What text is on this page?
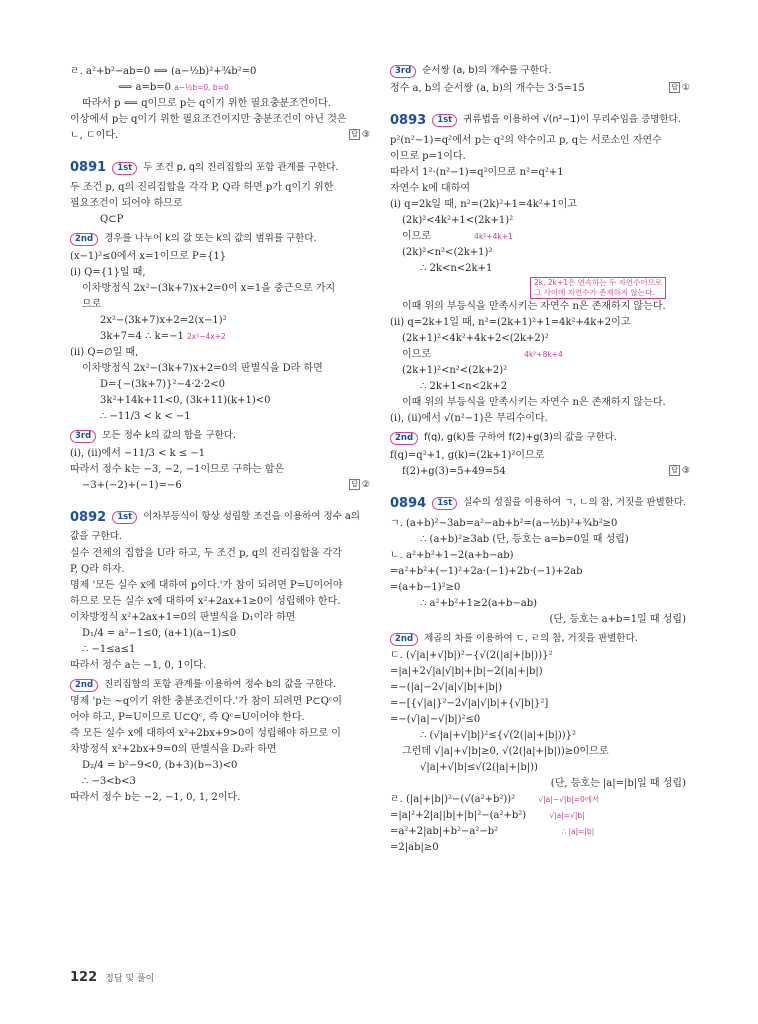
ㄹ. a²+b²−ab=0 ⟺ (a−½b)²+¾b²=0
⟺ a=b=0 a−½b=0, b=0
따라서 p ⟸ q이므로 p는 q이기 위한 필요충분조건이다.
이상에서 p는 q이기 위한 필요조건이지만 충분조건이 아닌 것은
ㄴ, ㄷ이다.	답 ③
0891	1st	두 조건 p, q의 진리집합의 포함 관계를 구한다.
두 조건 p, q의 진리집합을 각각 P, Q라 하면 p가 q이기 위한
필요조건이 되어야 하므로
Q⊂P
2nd	경우를 나누어 k의 값 또는 k의 값의 범위를 구한다.
(x−1)²≤0에서 x=1이므로 P={1}
(ⅰ) Q={1}일 때,
이차방정식 2x²−(3k+7)x+2=0이 x=1을 중근으로 가지
므로
2x²−(3k+7)x+2=2(x−1)²
3k+7=4 ∴ k=−1 2x²−4x+2
(ⅱ) Q=∅일 때,
이차방정식 2x²−(3k+7)x+2=0의 판별식을 D라 하면
D={−(3k+7)}²−4·2·2<0
3k²+14k+11<0, (3k+11)(k+1)<0
∴ −11/3 < k < −1
3rd	모든 정수 k의 값의 합을 구한다.
(ⅰ), (ⅱ)에서 −11/3 < k ≤ −1
따라서 정수 k는 −3, −2, −1이므로 구하는 합은
−3+(−2)+(−1)=−6	답 ②
0892	1st	이차부등식이 항상 성립할 조건을 이용하여 정수 a의
값을 구한다.
실수 전체의 집합을 U라 하고, 두 조건 p, q의 진리집합을 각각
P, Q라 하자.
명제 '모든 실수 x에 대하여 p이다.'가 참이 되려면 P=U이어야
하므로 모든 실수 x에 대하여 x²+2ax+1≥0이 성립해야 한다.
이차방정식 x²+2ax+1=0의 판별식을 D₁이라 하면
D₁/4 = a²−1≤0, (a+1)(a−1)≤0
∴ −1≤a≤1
따라서 정수 a는 −1, 0, 1이다.
2nd	진리집합의 포함 관계를 이용하여 정수 b의 값을 구한다.
명제 'p는 ~q이기 위한 충분조건이다.'가 참이 되려면 P⊂Qᶜ이
어야 하고, P=U이므로 U⊂Qᶜ, 즉 Qᶜ=U이어야 한다.
즉 모든 실수 x에 대하여 x²+2bx+9>0이 성립해야 하므로 이
차방정식 x²+2bx+9=0의 판별식을 D₂라 하면
D₂/4 = b²−9<0, (b+3)(b−3)<0
∴ −3<b<3
따라서 정수 b는 −2, −1, 0, 1, 2이다.
3rd	순서쌍 (a, b)의 개수를 구한다.
정수 a, b의 순서쌍 (a, b)의 개수는 3·5=15	답 ①
0893	1st	귀류법을 이용하여 √(n²−1)이 무리수임을 증명한다.
p²(n²−1)=q²에서 p는 q²의 약수이고 p, q는 서로소인 자연수
이므로 p=1이다.
따라서 1²·(n²−1)=q²이므로 n²=q²+1
자연수 k에 대하여
(ⅰ) q=2k일 때, n²=(2k)²+1=4k²+1이고
(2k)²<4k²+1<(2k+1)²
이므로	4k²+4k+1
(2k)²<n²<(2k+1)²
∴ 2k<n<2k+1
2k, 2k+1은 연속하는 두 자연수이므로
그 사이에 자연수가 존재하지 않는다.
이때 위의 부등식을 만족시키는 자연수 n은 존재하지 않는다.
(ⅱ) q=2k+1일 때, n²=(2k+1)²+1=4k²+4k+2이고
(2k+1)²<4k²+4k+2<(2k+2)²
이므로	4k²+8k+4
(2k+1)²<n²<(2k+2)²
∴ 2k+1<n<2k+2
이때 위의 부등식을 만족시키는 자연수 n은 존재하지 않는다.
(ⅰ), (ⅱ)에서 √(n²−1)은 무리수이다.
2nd	f(q), g(k)를 구하여 f(2)+g(3)의 값을 구한다.
f(q)=q²+1, g(k)=(2k+1)²이므로
f(2)+g(3)=5+49=54	답 ③
0894	1st	실수의 성질을 이용하여 ㄱ, ㄴ의 참, 거짓을 판별한다.
ㄱ. (a+b)²−3ab=a²−ab+b²=(a−½b)²+¾b²≥0
∴ (a+b)²≥3ab (단, 등호는 a=b=0일 때 성립)
ㄴ. a²+b²+1−2(a+b−ab)
=a²+b²+(−1)²+2a·(−1)+2b·(−1)+2ab
=(a+b−1)²≥0
∴ a²+b²+1≥2(a+b−ab)
(단, 등호는 a+b=1일 때 성립)
2nd	제곱의 차를 이용하여 ㄷ, ㄹ의 참, 거짓을 판별한다.
ㄷ. (√|a|+√|b|)²−{√(2(|a|+|b|))}²
=|a|+2√|a|√|b|+|b|−2(|a|+|b|)
=−(|a|−2√|a|√|b|+|b|)
=−[{√|a|}²−2√|a|√|b|+{√|b|}²]
=−(√|a|−√|b|)²≤0
∴ (√|a|+√|b|)²≤{√(2(|a|+|b|))}²
그런데 √|a|+√|b|≥0, √(2(|a|+|b|))≥0이므로
√|a|+√|b|≤√(2(|a|+|b|))
(단, 등호는 |a|=|b|일 때 성립)
ㄹ. (|a|+|b|)²−(√(a²+b²))²	√|a|−√|b|=0에서
=|a|²+2|a||b|+|b|²−(a²+b²)	√|a|=√|b|
=a²+2|ab|+b²−a²−b²	∴ |a|=|b|
=2|ab|≥0
122 정답 및 풀이
